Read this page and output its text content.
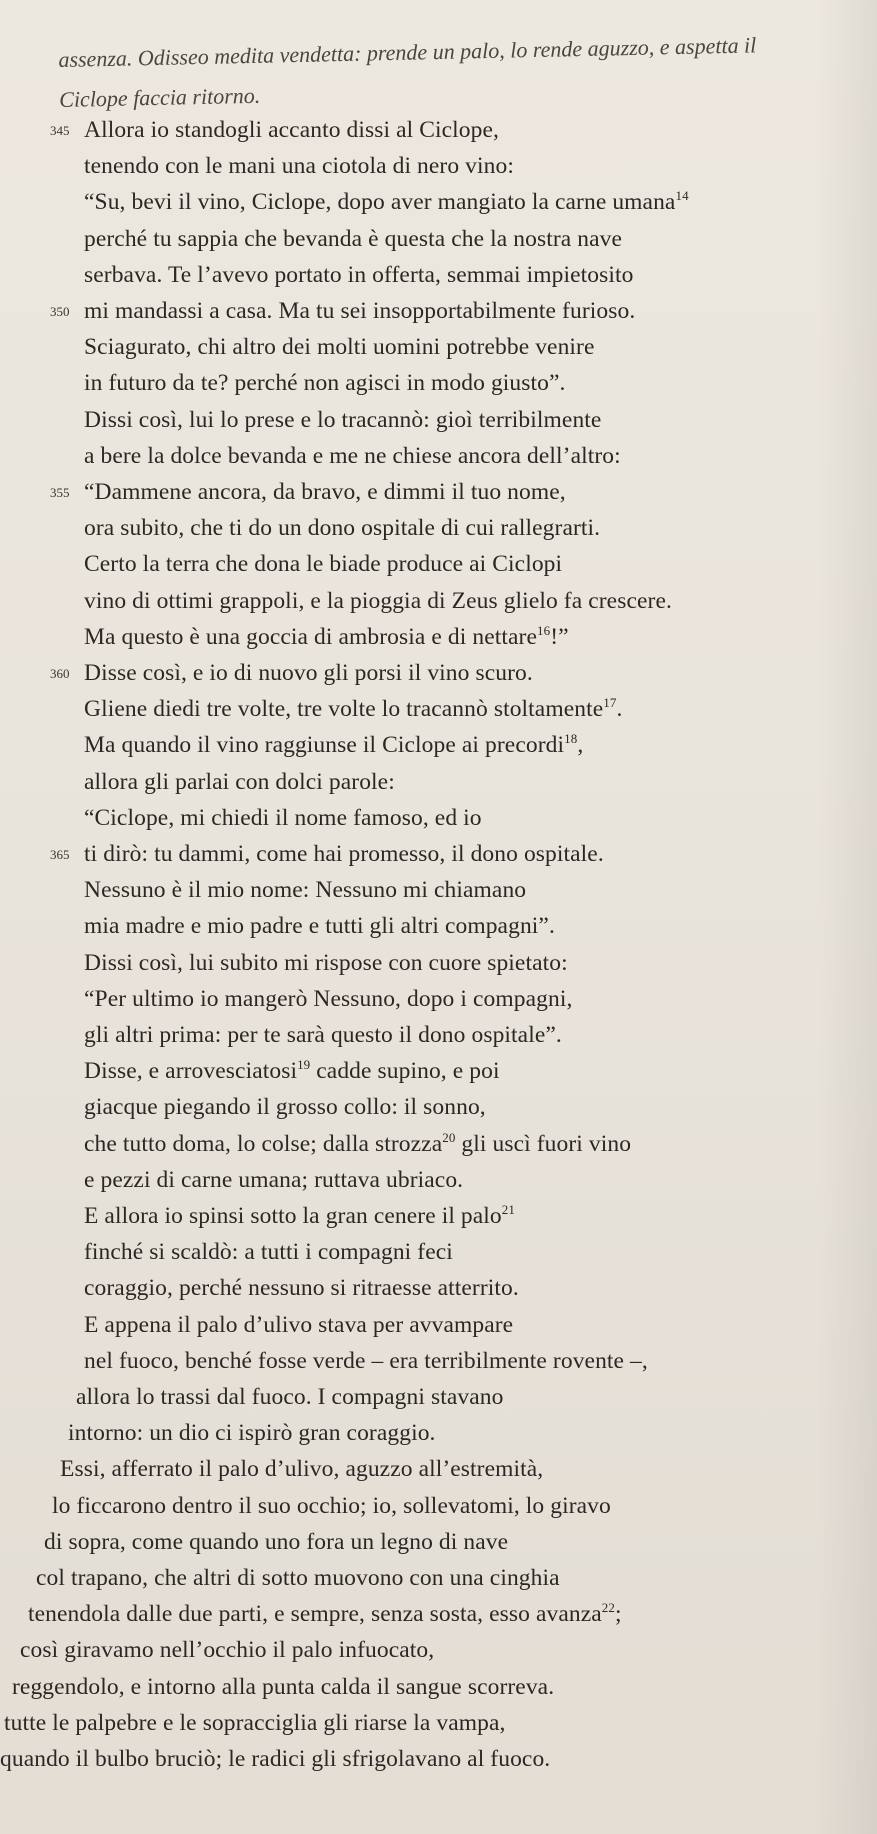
assenza. Odisseo medita vendetta: prende un palo, lo rende aguzzo, e aspetta il
Ciclope faccia ritorno.
345 Allora io standogli accanto dissi al Ciclope,
tenendo con le mani una ciotola di nero vino:
“Su, bevi il vino, Ciclope, dopo aver mangiato la carne umana$^{14}$
perché tu sappia che bevanda è questa che la nostra nave
serbava. Te l’avevo portato in offerta, semmai impietosito
350 mi mandassi a casa. Ma tu sei insopportabilmente furioso.
Sciagurato, chi altro dei molti uomini potrebbe venire
in futuro da te? perché non agisci in modo giusto”.
Dissi così, lui lo prese e lo tracannò: gioì terribilmente
a bere la dolce bevanda e me ne chiese ancora dell’altro:
355 “Dammene ancora, da bravo, e dimmi il tuo nome,
ora subito, che ti do un dono ospitale di cui rallegrarti.
Certo la terra che dona le biade produce ai Ciclopi
vino di ottimi grappoli, e la pioggia di Zeus glielo fa crescere.
Ma questo è una goccia di ambrosia e di nettare$^{16}$!”
360 Disse così, e io di nuovo gli porsi il vino scuro.
Gliene diedi tre volte, tre volte lo tracannò stoltamente$^{17}$.
Ma quando il vino raggiunse il Ciclope ai precordi$^{18}$,
allora gli parlai con dolci parole:
“Ciclope, mi chiedi il nome famoso, ed io
365 ti dirò: tu dammi, come hai promesso, il dono ospitale.
Nessuno è il mio nome: Nessuno mi chiamano
mia madre e mio padre e tutti gli altri compagni”.
Dissi così, lui subito mi rispose con cuore spietato:
“Per ultimo io mangerò Nessuno, dopo i compagni,
gli altri prima: per te sarà questo il dono ospitale”.
Disse, e arrovesciatosi$^{19}$ cadde supino, e poi
giacque piegando il grosso collo: il sonno,
che tutto doma, lo colse; dalla strozza$^{20}$ gli uscì fuori vino
e pezzi di carne umana; ruttava ubriaco.
E allora io spinsi sotto la gran cenere il palo$^{21}$
finché si scaldò: a tutti i compagni feci
coraggio, perché nessuno si ritraesse atterrito.
E appena il palo d’ulivo stava per avvampare
nel fuoco, benché fosse verde – era terribilmente rovente –,
allora lo trassi dal fuoco. I compagni stavano
intorno: un dio ci ispirò gran coraggio.
Essi, afferrato il palo d’ulivo, aguzzo all’estremità,
lo ficcarono dentro il suo occhio; io, sollevatomi, lo giravo
di sopra, come quando uno fora un legno di nave
col trapano, che altri di sotto muovono con una cinghia
tenendola dalle due parti, e sempre, senza sosta, esso avanza$^{22}$;
così giravamo nell’occhio il palo infuocato,
reggendolo, e intorno alla punta calda il sangue scorreva.
tutte le palpebre e le sopracciglia gli riarse la vampa,
quando il bulbo bruciò; le radici gli sfrigolavano al fuoco.
